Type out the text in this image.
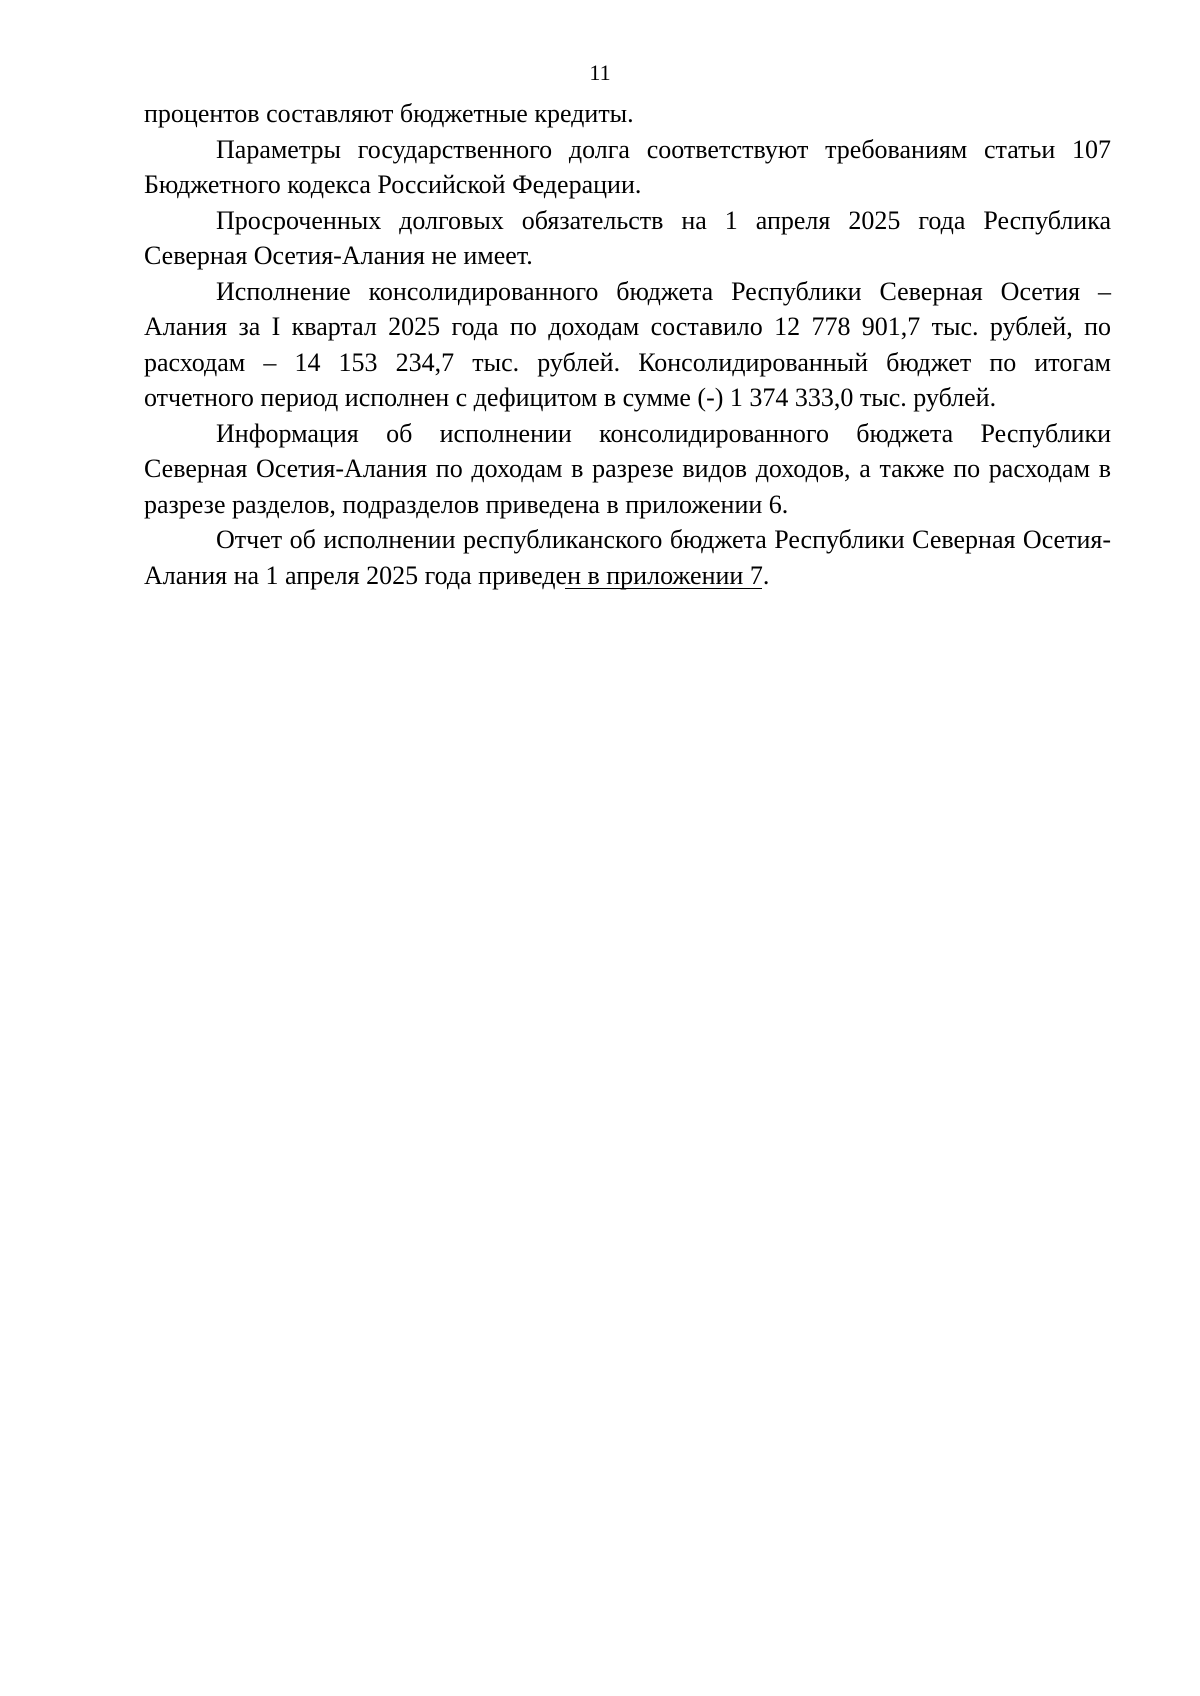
11

процентов составляют бюджетные кредиты.

Параметры государственного долга соответствуют требованиям статьи 107 Бюджетного кодекса Российской Федерации.

Просроченных долговых обязательств на 1 апреля 2025 года Республика Северная Осетия-Алания не имеет.

Исполнение консолидированного бюджета Республики Северная Осетия – Алания за I квартал 2025 года по доходам составило 12 778 901,7 тыс. рублей, по расходам – 14 153 234,7 тыс. рублей. Консолидированный бюджет по итогам отчетного период исполнен с дефицитом в сумме (-) 1 374 333,0 тыс. рублей.

Информация об исполнении консолидированного бюджета Республики Северная Осетия-Алания по доходам в разрезе видов доходов, а также по расходам в разрезе разделов, подразделов приведена в приложении 6.

Отчет об исполнении республиканского бюджета Республики Северная Осетия-Алания на 1 апреля 2025 года приведен в приложении 7.
